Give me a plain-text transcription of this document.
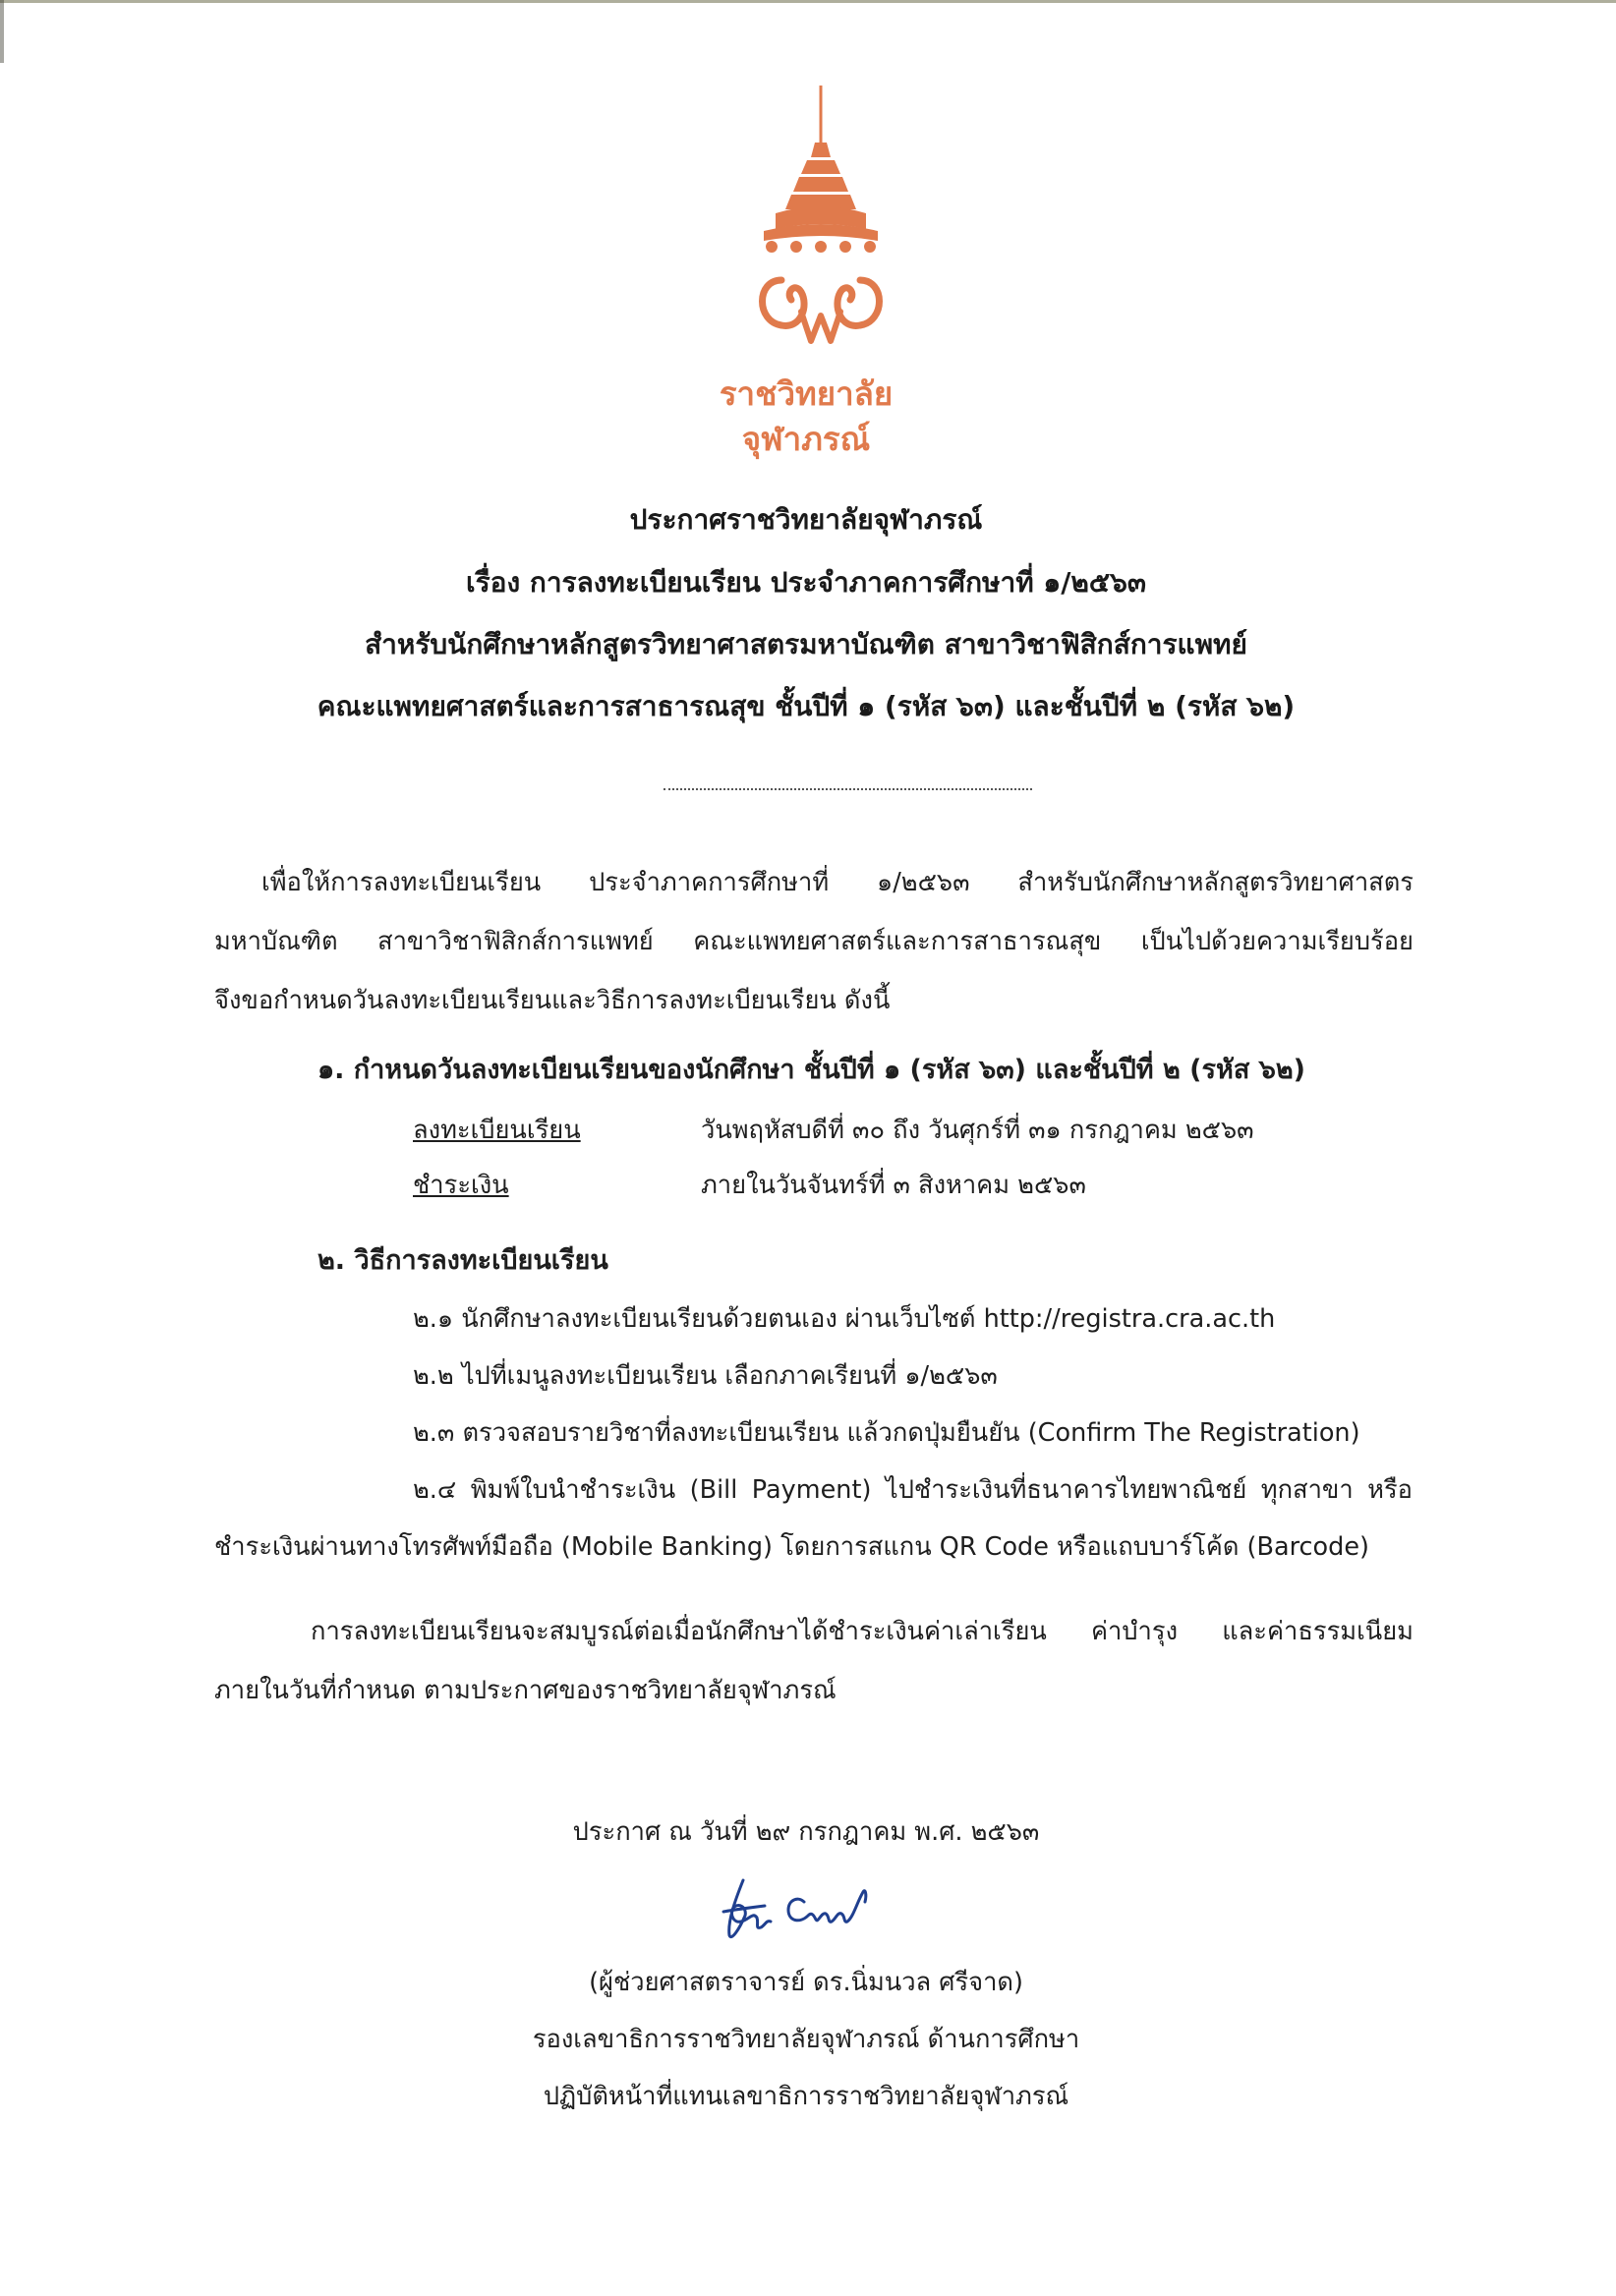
ราชวิทยาลัย
จุฬาภรณ์
ประกาศราชวิทยาลัยจุฬาภรณ์
เรื่อง การลงทะเบียนเรียน ประจำภาคการศึกษาที่ ๑/๒๕๖๓
สำหรับนักศึกษาหลักสูตรวิทยาศาสตรมหาบัณฑิต สาขาวิชาฟิสิกส์การแพทย์
คณะแพทยศาสตร์และการสาธารณสุข ชั้นปีที่ ๑ (รหัส ๖๓) และชั้นปีที่ ๒ (รหัส ๖๒)
เพื่อให้การลงทะเบียนเรียน ประจำภาคการศึกษาที่ ๑/๒๕๖๓ สำหรับนักศึกษาหลักสูตรวิทยาศาสตร
มหาบัณฑิต สาขาวิชาฟิสิกส์การแพทย์ คณะแพทยศาสตร์และการสาธารณสุข เป็นไปด้วยความเรียบร้อย
จึงขอกำหนดวันลงทะเบียนเรียนและวิธีการลงทะเบียนเรียน ดังนี้
๑. กำหนดวันลงทะเบียนเรียนของนักศึกษา ชั้นปีที่ ๑ (รหัส ๖๓) และชั้นปีที่ ๒ (รหัส ๖๒)
ลงทะเบียนเรียน	วันพฤหัสบดีที่ ๓๐ ถึง วันศุกร์ที่ ๓๑ กรกฎาคม ๒๕๖๓
ชำระเงิน	ภายในวันจันทร์ที่ ๓ สิงหาคม ๒๕๖๓
๒. วิธีการลงทะเบียนเรียน
๒.๑ นักศึกษาลงทะเบียนเรียนด้วยตนเอง ผ่านเว็บไซต์ http://registra.cra.ac.th
๒.๒ ไปที่เมนูลงทะเบียนเรียน เลือกภาคเรียนที่ ๑/๒๕๖๓
๒.๓ ตรวจสอบรายวิชาที่ลงทะเบียนเรียน แล้วกดปุ่มยืนยัน (Confirm The Registration)
๒.๔ พิมพ์ใบนำชำระเงิน (Bill Payment) ไปชำระเงินที่ธนาคารไทยพาณิชย์ ทุกสาขา หรือ
ชำระเงินผ่านทางโทรศัพท์มือถือ (Mobile Banking) โดยการสแกน QR Code หรือแถบบาร์โค้ด (Barcode)
การลงทะเบียนเรียนจะสมบูรณ์ต่อเมื่อนักศึกษาได้ชำระเงินค่าเล่าเรียน ค่าบำรุง และค่าธรรมเนียม
ภายในวันที่กำหนด ตามประกาศของราชวิทยาลัยจุฬาภรณ์
ประกาศ ณ วันที่ ๒๙ กรกฎาคม พ.ศ. ๒๕๖๓
(ผู้ช่วยศาสตราจารย์ ดร.นิ่มนวล ศรีจาด)
รองเลขาธิการราชวิทยาลัยจุฬาภรณ์ ด้านการศึกษา
ปฏิบัติหน้าที่แทนเลขาธิการราชวิทยาลัยจุฬาภรณ์
